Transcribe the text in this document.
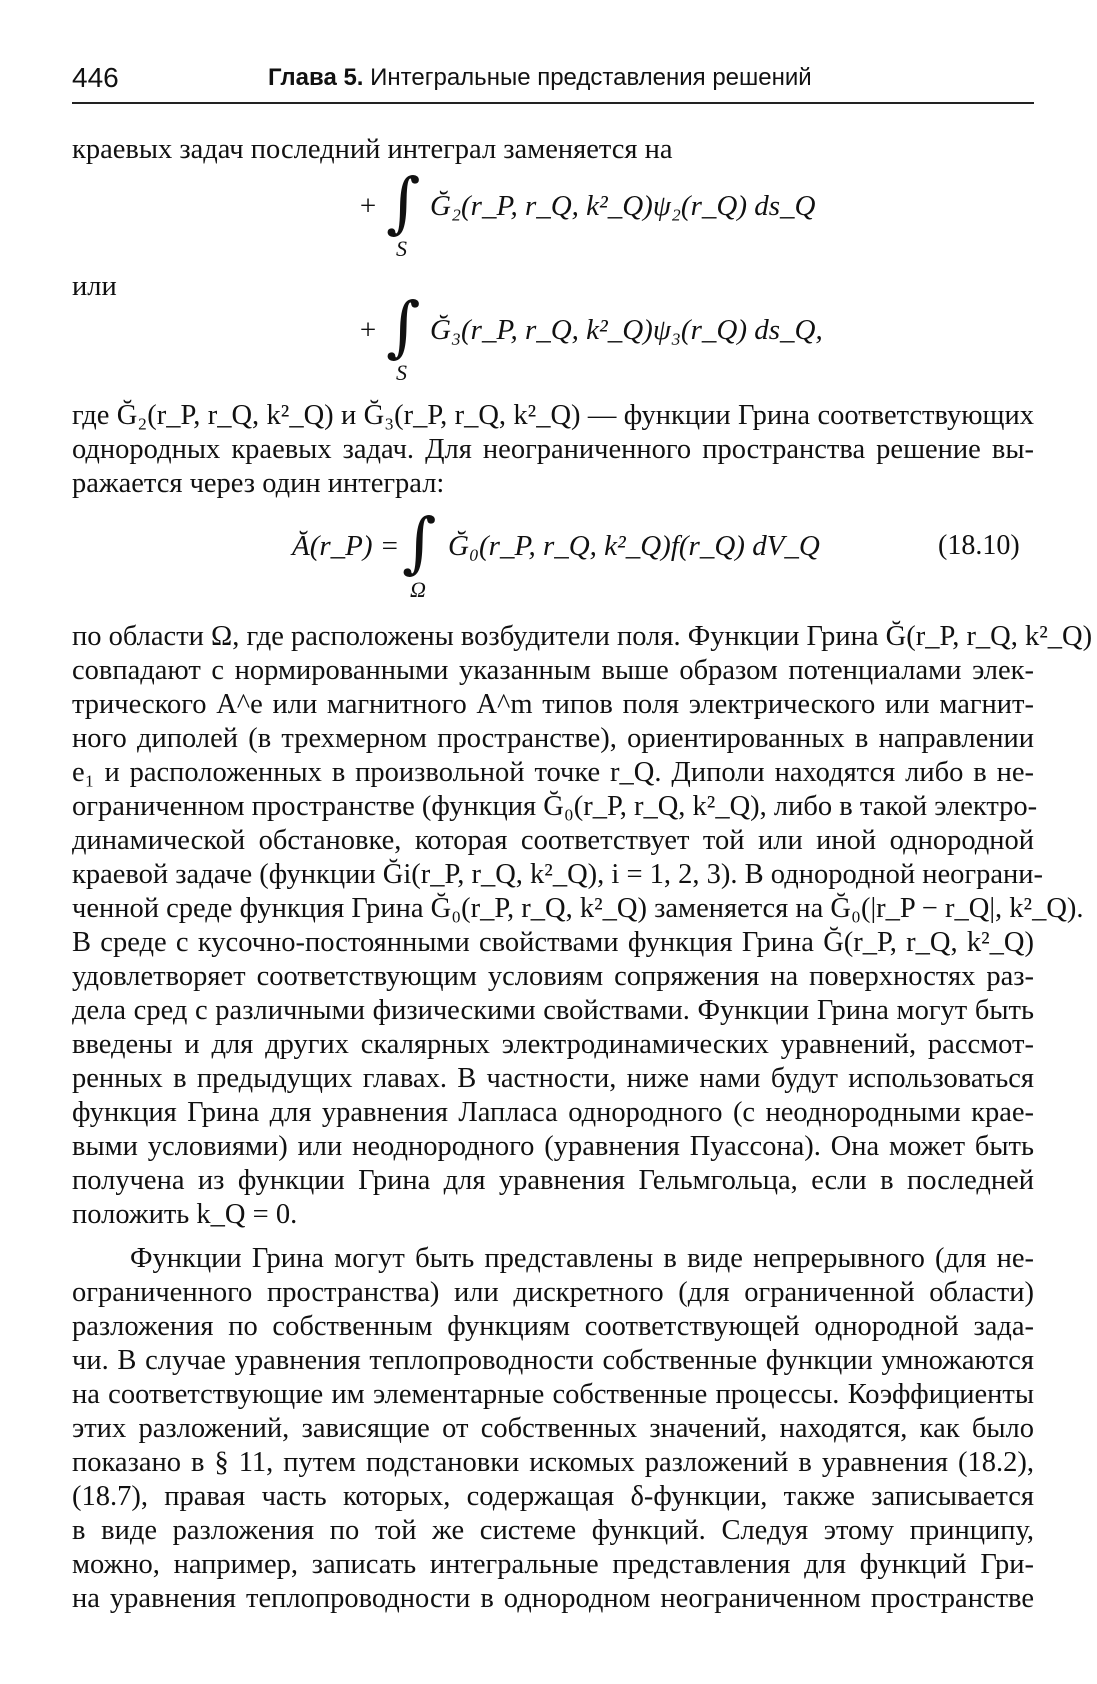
446	Глава 5. Интегральные представления решений
краевых задач последний интеграл заменяется на
+ ∫ Ğ₂(r_P, r_Q, k²_Q)ψ₂(r_Q) ds_Q
S
или
+ ∫ Ğ₃(r_P, r_Q, k²_Q)ψ₃(r_Q) ds_Q,
S
где Ğ₂(r_P, r_Q, k²_Q) и Ğ₃(r_P, r_Q, k²_Q) — функции Грина соответствующих
однородных краевых задач. Для неограниченного пространства решение вы-
ражается через один интеграл:
Ă(r_P) = ∫ Ğ₀(r_P, r_Q, k²_Q)f(r_Q) dV_Q
Ω
(18.10)
по области Ω, где расположены возбудители поля. Функции Грина Ğ(r_P, r_Q, k²_Q)
совпадают с нормированными указанным выше образом потенциалами элек-
трического A^e или магнитного A^m типов поля электрического или магнит-
ного диполей (в трехмерном пространстве), ориентированных в направлении
e₁ и расположенных в произвольной точке r_Q. Диполи находятся либо в не-
ограниченном пространстве (функция Ğ₀(r_P, r_Q, k²_Q), либо в такой электро-
динамической обстановке, которая соответствует той или иной однородной
краевой задаче (функции Ği(r_P, r_Q, k²_Q), i = 1, 2, 3). В однородной неограни-
ченной среде функция Грина Ğ₀(r_P, r_Q, k²_Q) заменяется на Ğ₀(|r_P − r_Q|, k²_Q).
В среде с кусочно-постоянными свойствами функция Грина Ğ(r_P, r_Q, k²_Q)
удовлетворяет соответствующим условиям сопряжения на поверхностях раз-
дела сред с различными физическими свойствами. Функции Грина могут быть
введены и для других скалярных электродинамических уравнений, рассмот-
ренных в предыдущих главах. В частности, ниже нами будут использоваться
функция Грина для уравнения Лапласа однородного (с неоднородными крае-
выми условиями) или неоднородного (уравнения Пуассона). Она может быть
получена из функции Грина для уравнения Гельмгольца, если в последней
положить k_Q = 0.
Функции Грина могут быть представлены в виде непрерывного (для не-
ограниченного пространства) или дискретного (для ограниченной области)
разложения по собственным функциям соответствующей однородной зада-
чи. В случае уравнения теплопроводности собственные функции умножаются
на соответствующие им элементарные собственные процессы. Коэффициенты
этих разложений, зависящие от собственных значений, находятся, как было
показано в § 11, путем подстановки искомых разложений в уравнения (18.2),
(18.7), правая часть которых, содержащая δ-функции, также записывается
в виде разложения по той же системе функций. Следуя этому принципу,
можно, например, записать интегральные представления для функций Гри-
на уравнения теплопроводности в однородном неограниченном пространстве
